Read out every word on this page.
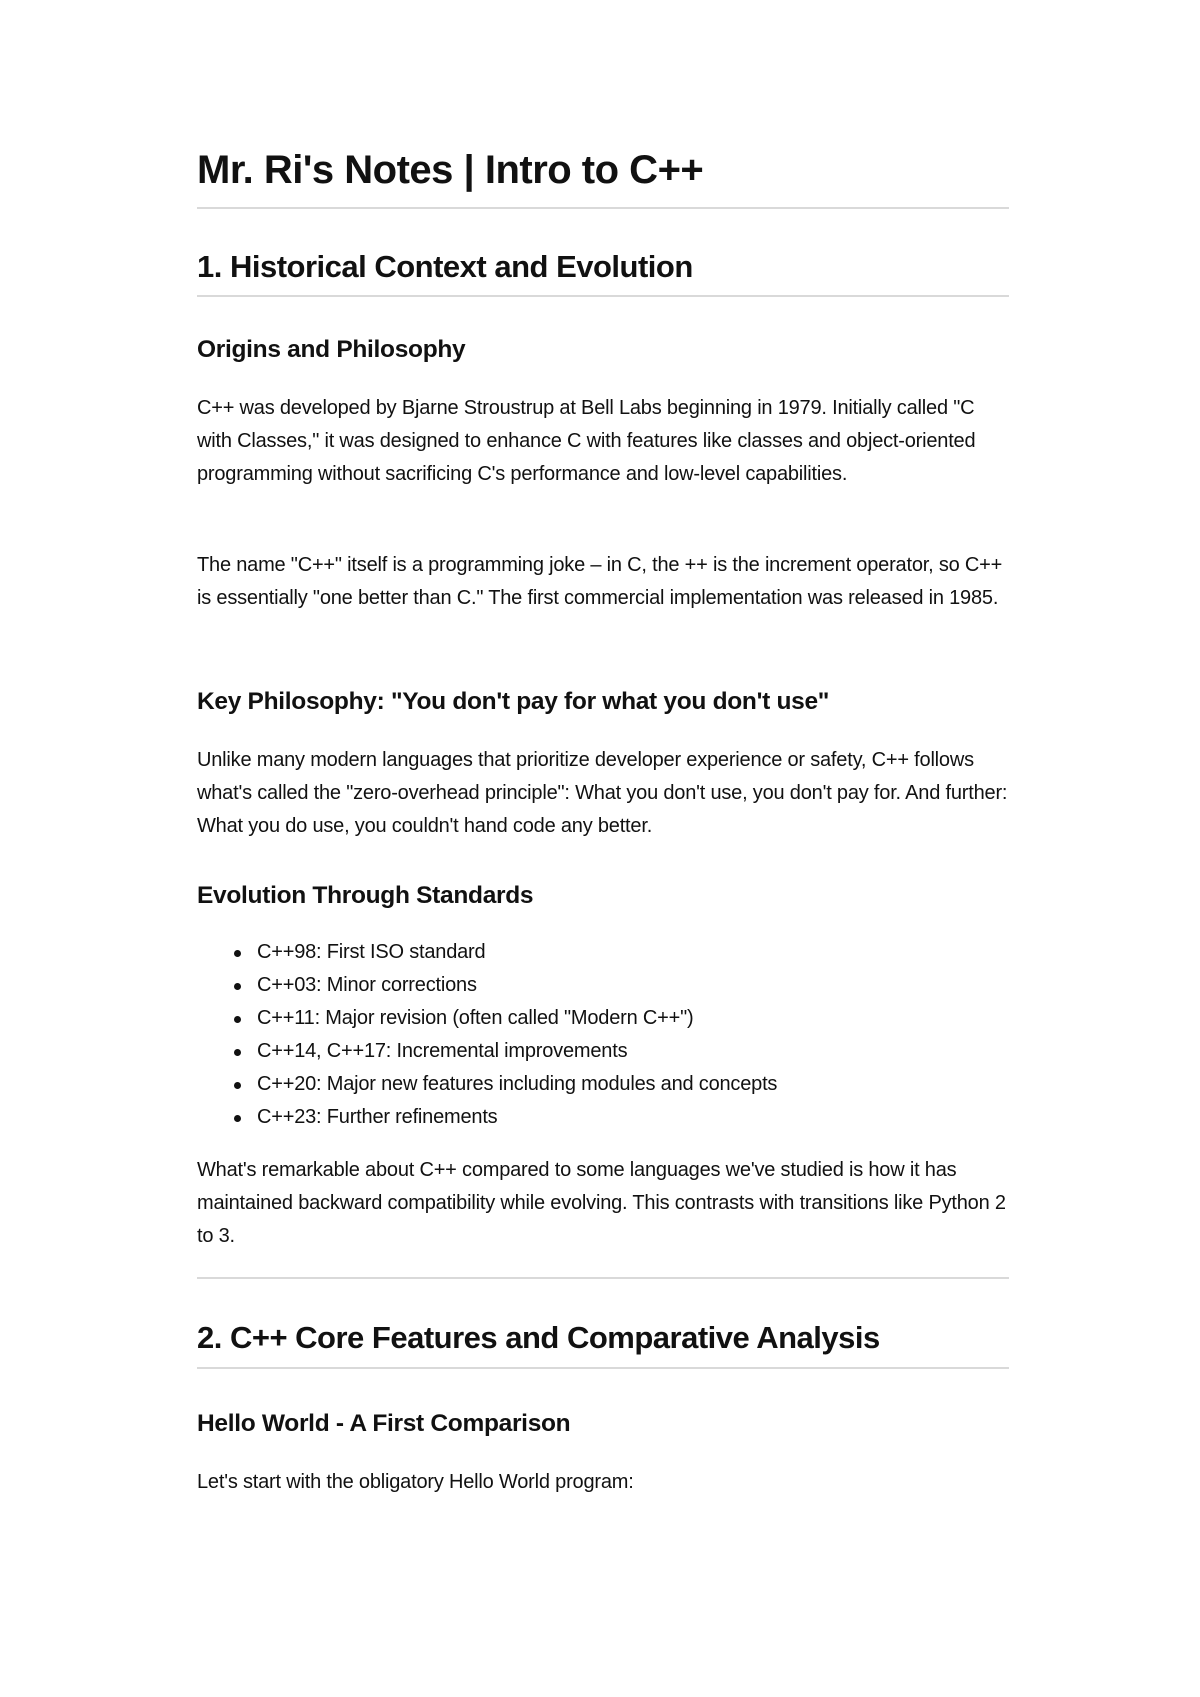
Mr. Ri's Notes | Intro to C++
1. Historical Context and Evolution
Origins and Philosophy

C++ was developed by Bjarne Stroustrup at Bell Labs beginning in 1979. Initially called "C with Classes," it was designed to enhance C with features like classes and object-oriented programming without sacrificing C's performance and low-level capabilities.

The name "C++" itself is a programming joke – in C, the ++ is the increment operator, so C++ is essentially "one better than C." The first commercial implementation was released in 1985.

Key Philosophy: "You don't pay for what you don't use"

Unlike many modern languages that prioritize developer experience or safety, C++ follows what's called the "zero-overhead principle": What you don't use, you don't pay for. And further: What you do use, you couldn't hand code any better.

Evolution Through Standards
C++98: First ISO standard
C++03: Minor corrections
C++11: Major revision (often called "Modern C++")
C++14, C++17: Incremental improvements
C++20: Major new features including modules and concepts
C++23: Further refinements

What's remarkable about C++ compared to some languages we've studied is how it has maintained backward compatibility while evolving. This contrasts with transitions like Python 2 to 3.

2. C++ Core Features and Comparative Analysis
Hello World - A First Comparison

Let's start with the obligatory Hello World program:
